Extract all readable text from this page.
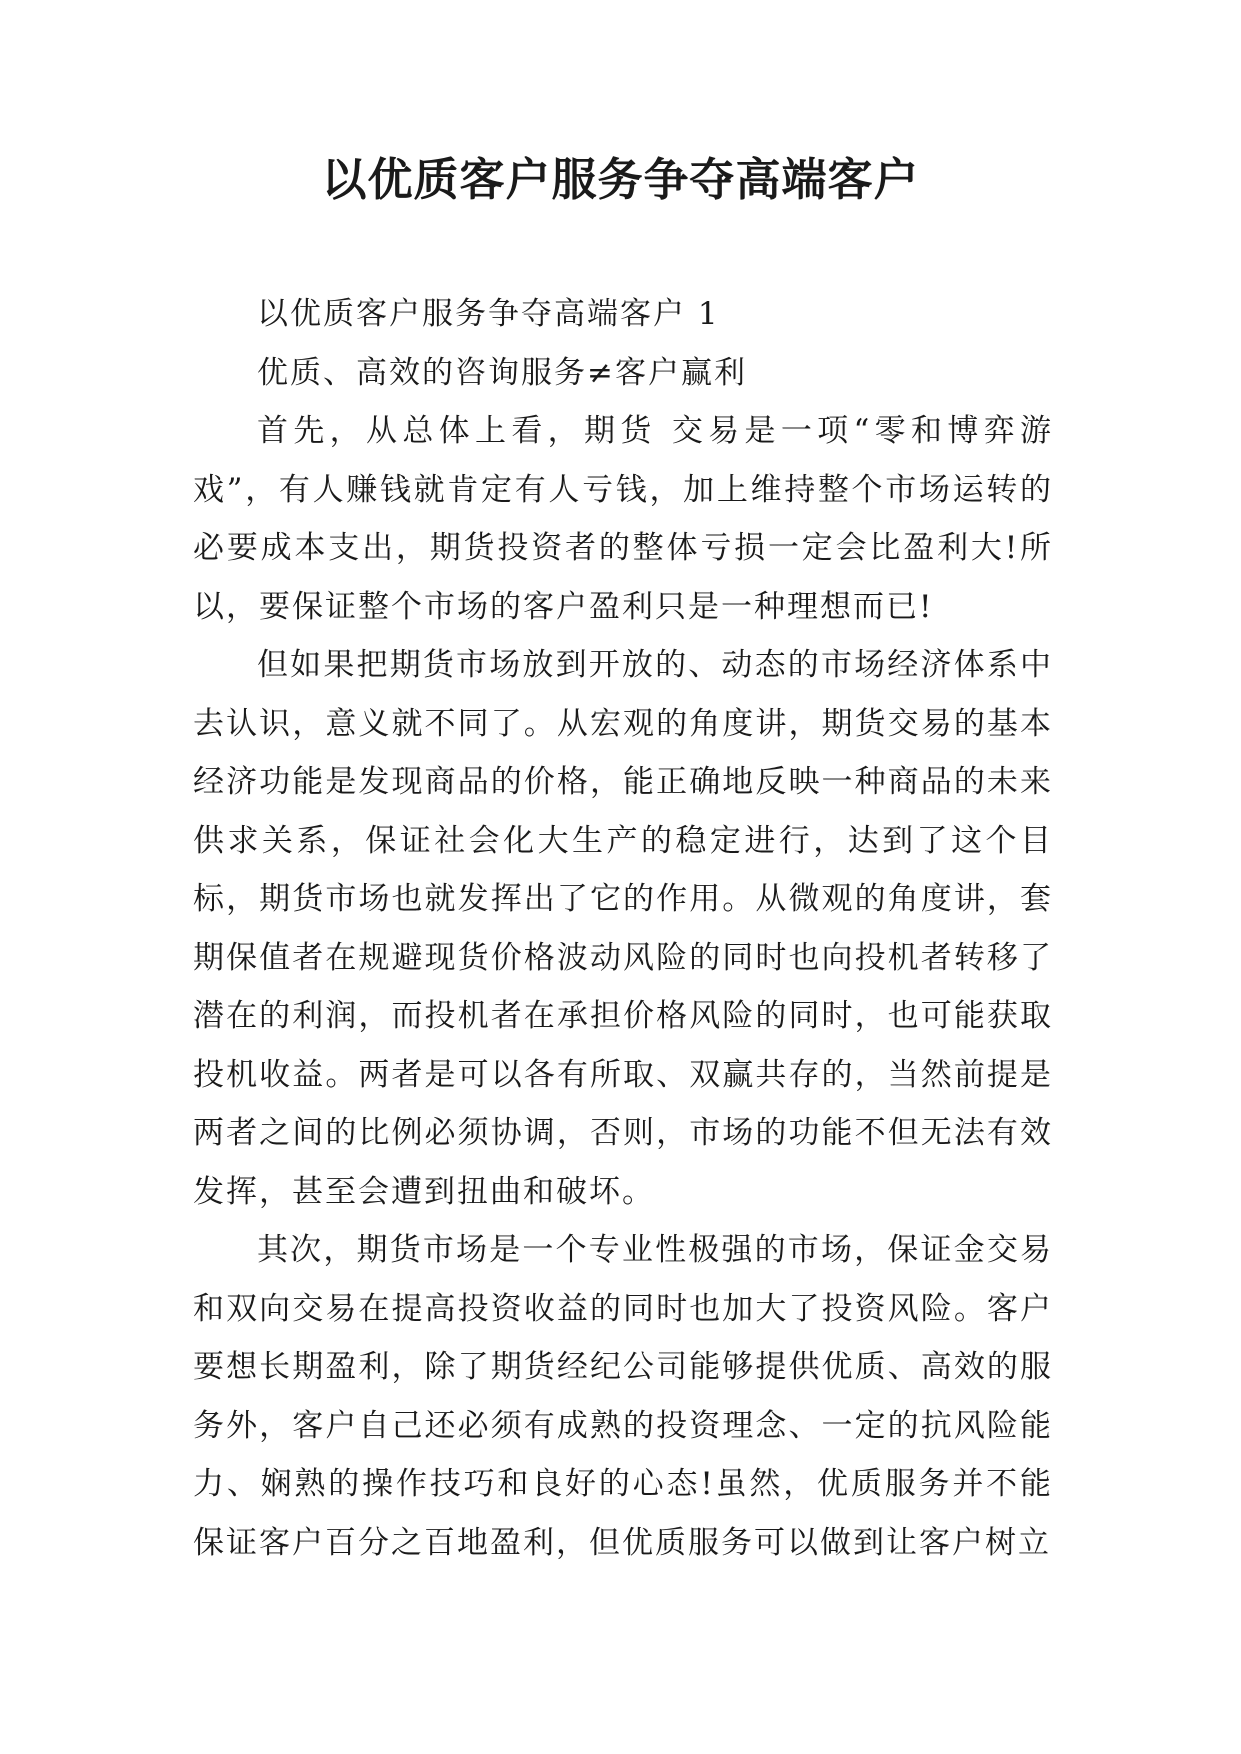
以优质客户服务争夺高端客户

以优质客户服务争夺高端客户 1

优质、高效的咨询服务≠客户赢利

首先，从总体上看，期货 交易是一项“零和博弈游戏”，有人赚钱就肯定有人亏钱，加上维持整个市场运转的必要成本支出，期货投资者的整体亏损一定会比盈利大!所以，要保证整个市场的客户盈利只是一种理想而已!

但如果把期货市场放到开放的、动态的市场经济体系中去认识，意义就不同了。从宏观的角度讲，期货交易的基本经济功能是发现商品的价格，能正确地反映一种商品的未来供求关系，保证社会化大生产的稳定进行，达到了这个目标，期货市场也就发挥出了它的作用。从微观的角度讲，套期保值者在规避现货价格波动风险的同时也向投机者转移了潜在的利润，而投机者在承担价格风险的同时，也可能获取投机收益。两者是可以各有所取、双赢共存的，当然前提是两者之间的比例必须协调，否则，市场的功能不但无法有效发挥，甚至会遭到扭曲和破坏。

其次，期货市场是一个专业性极强的市场，保证金交易和双向交易在提高投资收益的同时也加大了投资风险。客户要想长期盈利，除了期货经纪公司能够提供优质、高效的服务外，客户自己还必须有成熟的投资理念、一定的抗风险能力、娴熟的操作技巧和良好的心态!虽然，优质服务并不能保证客户百分之百地盈利，但优质服务可以做到让客户树立
